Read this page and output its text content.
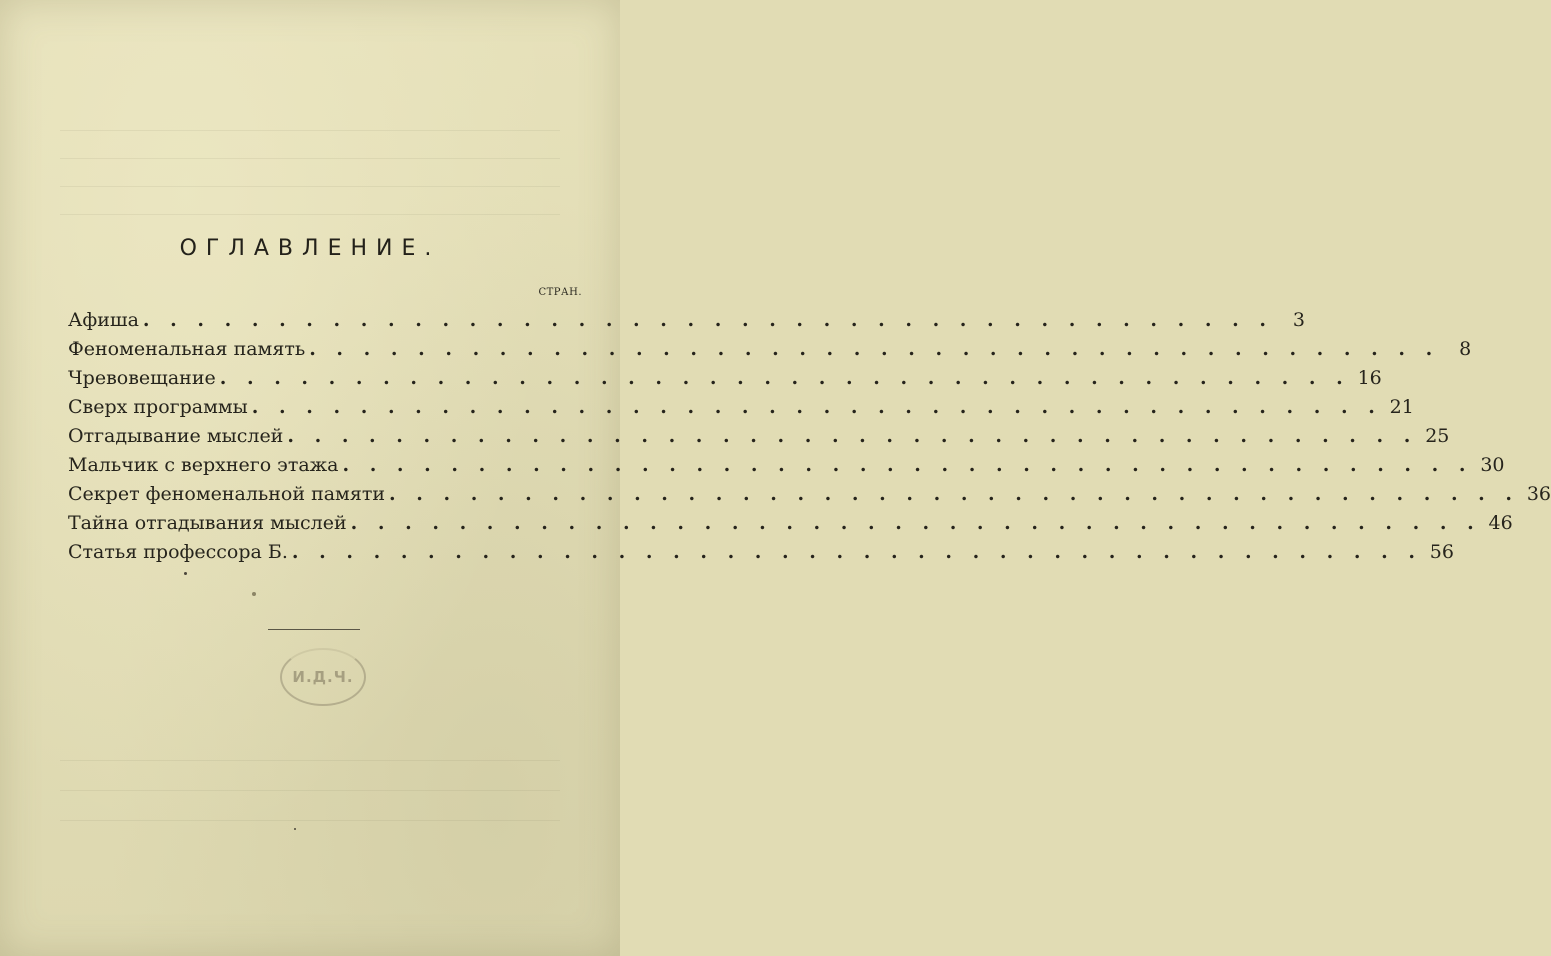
ОГЛАВЛЕНИЕ.
СТРАН.
Афиша . . . . . . . . . . . . . . . . . . . . . . . . . . . . . . . . . . . . . . . . . .	3
Феноменальная память . . . . . . . . . . . . . . . . . . . . . . . . . . . . . . . . . . . . . . . . . .	8
Чревовещание . . . . . . . . . . . . . . . . . . . . . . . . . . . . . . . . . . . . . . . . . . 16
Сверх программы . . . . . . . . . . . . . . . . . . . . . . . . . . . . . . . . . . . . . . . . . . 21
Отгадывание мыслей . . . . . . . . . . . . . . . . . . . . . . . . . . . . . . . . . . . . . . . . . . 25
Мальчик с верхнего этажа . . . . . . . . . . . . . . . . . . . . . . . . . . . . . . . . . . . . . . . . . . 30
Секрет феноменальной памяти . . . . . . . . . . . . . . . . . . . . . . . . . . . . . . . . . . . . . . . . . . 36
Тайна отгадывания мыслей . . . . . . . . . . . . . . . . . . . . . . . . . . . . . . . . . . . . . . . . . . 46
Статья профессора Б. . . . . . . . . . . . . . . . . . . . . . . . . . . . . . . . . . . . . . . . . . . 56
И.Д.Ч.
